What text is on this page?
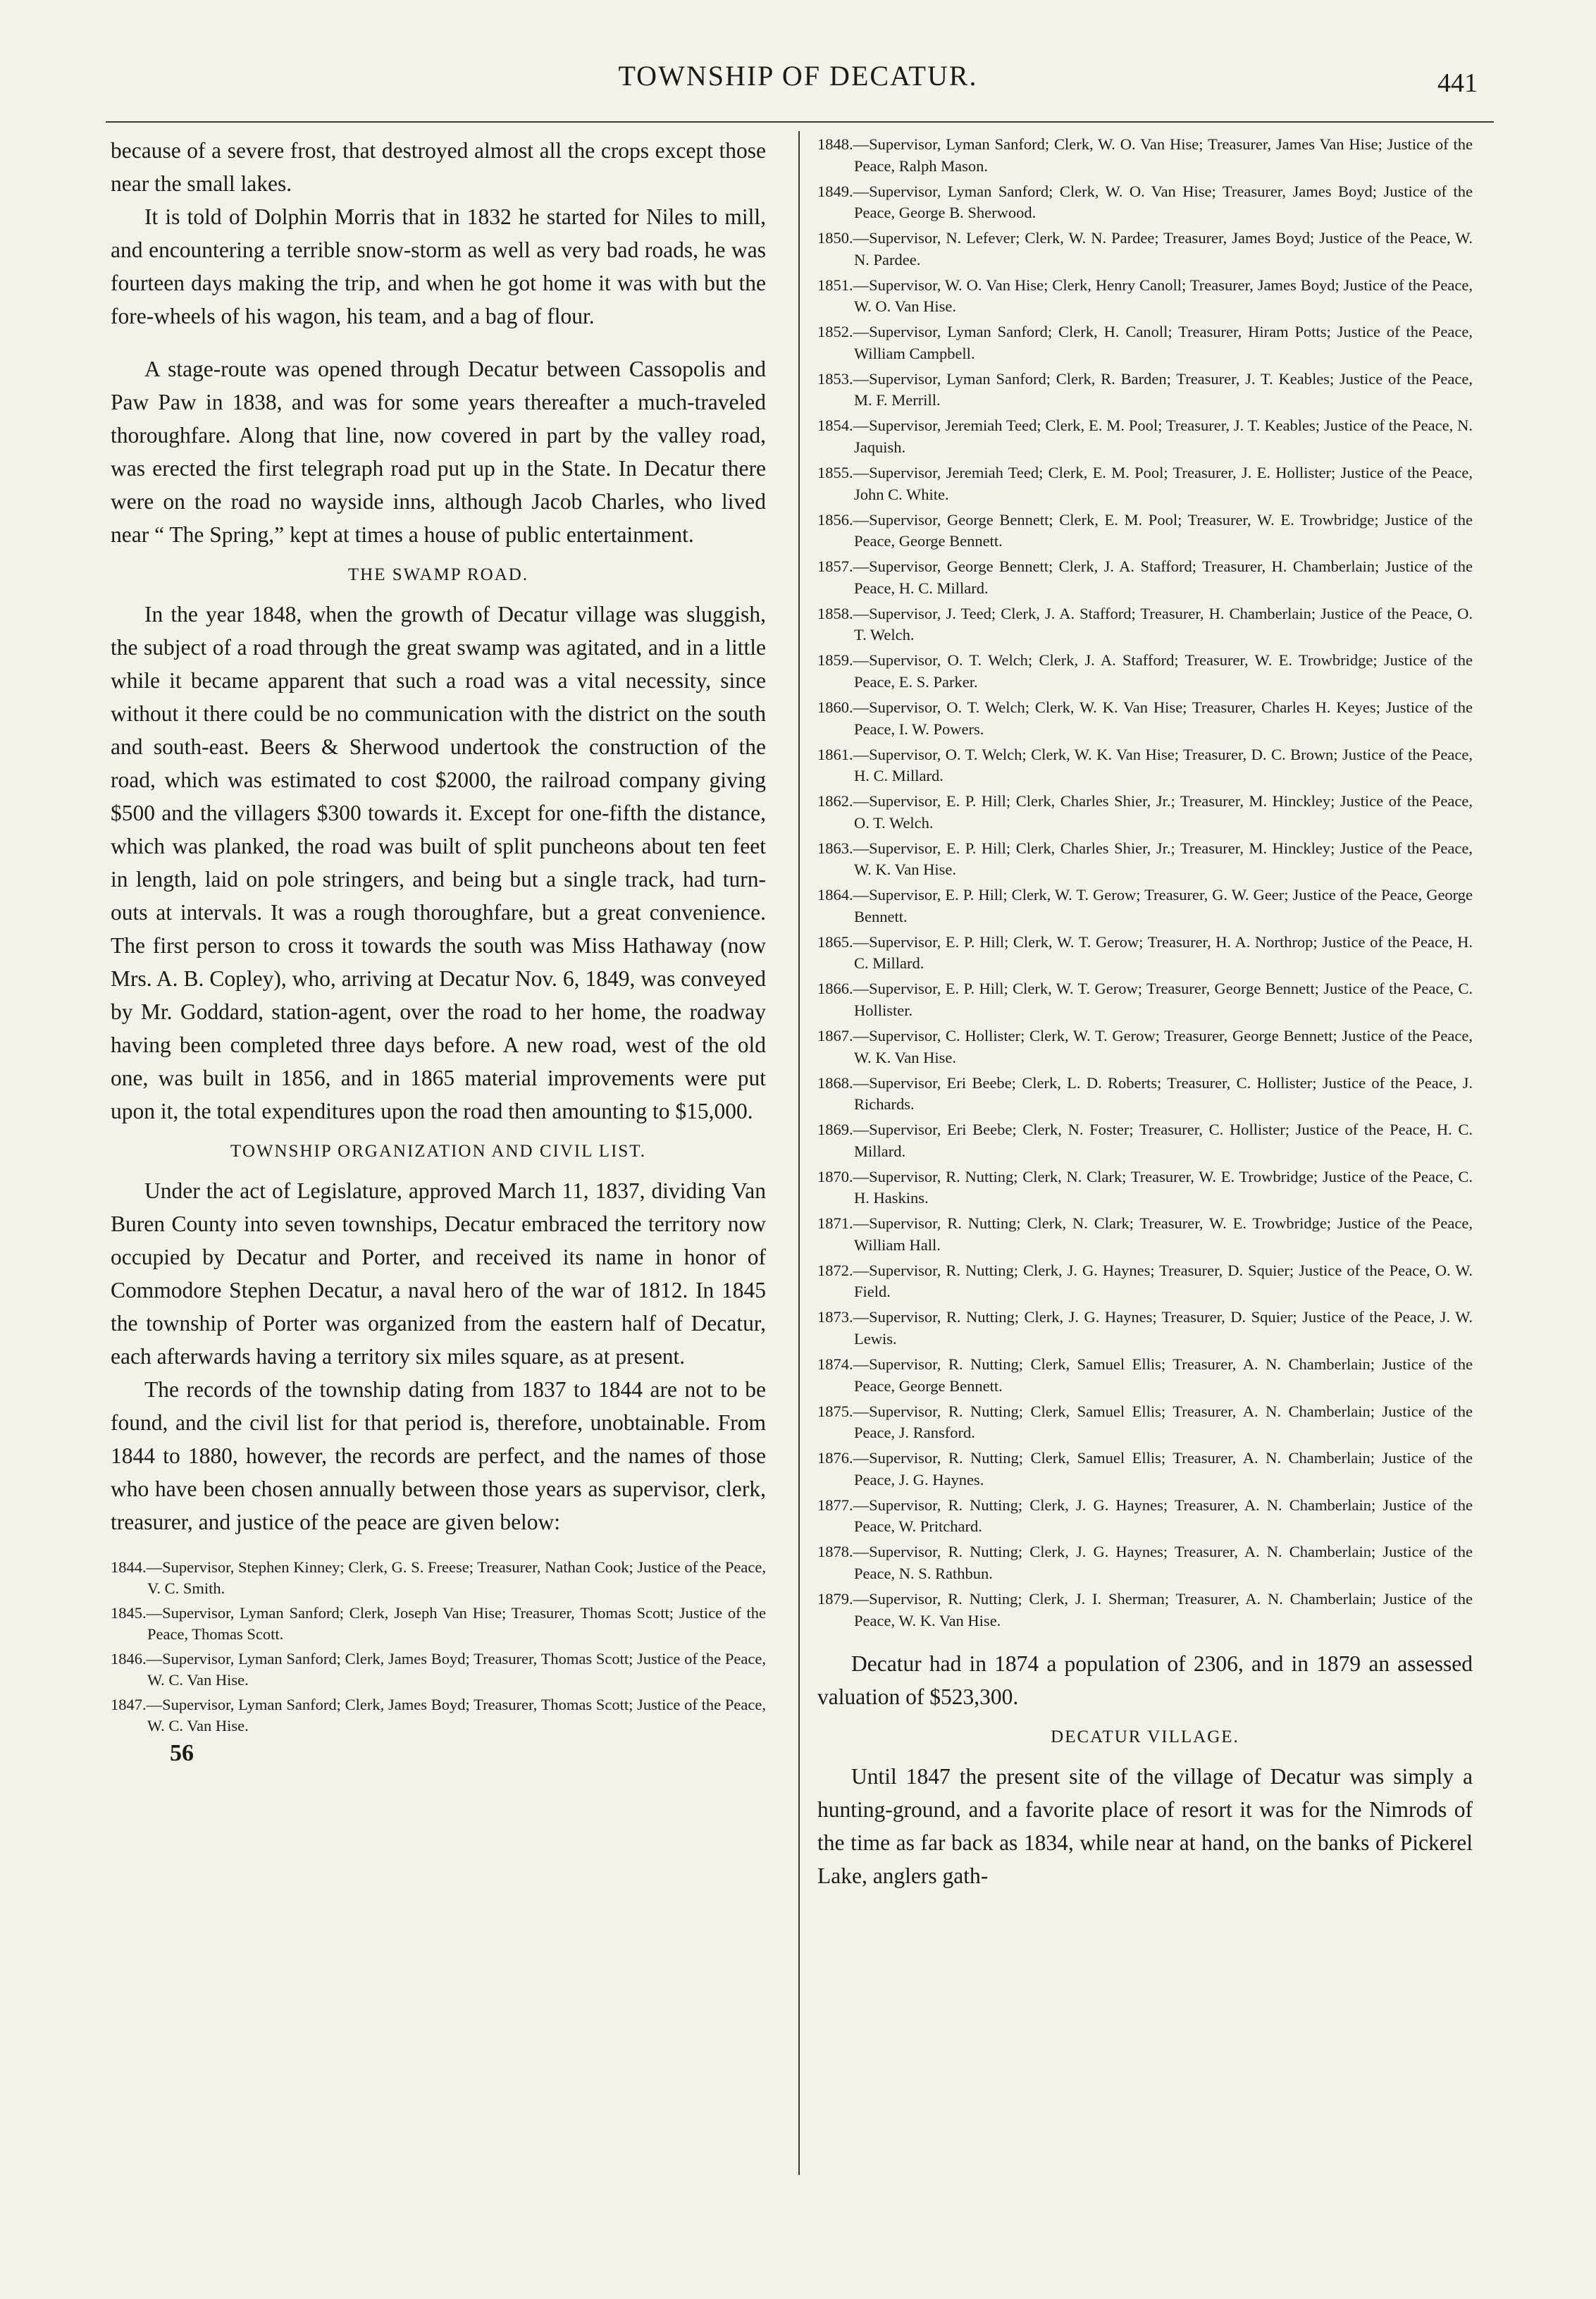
TOWNSHIP OF DECATUR.	441

because of a severe frost, that destroyed almost all the crops except those near the small lakes.

It is told of Dolphin Morris that in 1832 he started for Niles to mill, and encountering a terrible snow-storm as well as very bad roads, he was fourteen days making the trip, and when he got home it was with but the fore-wheels of his wagon, his team, and a bag of flour.

A stage-route was opened through Decatur between Cassopolis and Paw Paw in 1838, and was for some years thereafter a much-traveled thoroughfare. Along that line, now covered in part by the valley road, was erected the first telegraph road put up in the State. In Decatur there were on the road no wayside inns, although Jacob Charles, who lived near “ The Spring,” kept at times a house of public entertainment.

THE SWAMP ROAD.

In the year 1848, when the growth of Decatur village was sluggish, the subject of a road through the great swamp was agitated, and in a little while it became apparent that such a road was a vital necessity, since without it there could be no communication with the district on the south and south-east. Beers & Sherwood undertook the construction of the road, which was estimated to cost $2000, the railroad company giving $500 and the villagers $300 towards it. Except for one-fifth the distance, which was planked, the road was built of split puncheons about ten feet in length, laid on pole stringers, and being but a single track, had turn-outs at intervals. It was a rough thoroughfare, but a great convenience. The first person to cross it towards the south was Miss Hathaway (now Mrs. A. B. Copley), who, arriving at Decatur Nov. 6, 1849, was conveyed by Mr. Goddard, station-agent, over the road to her home, the roadway having been completed three days before. A new road, west of the old one, was built in 1856, and in 1865 material improvements were put upon it, the total expenditures upon the road then amounting to $15,000.

TOWNSHIP ORGANIZATION AND CIVIL LIST.

Under the act of Legislature, approved March 11, 1837, dividing Van Buren County into seven townships, Decatur embraced the territory now occupied by Decatur and Porter, and received its name in honor of Commodore Stephen Decatur, a naval hero of the war of 1812. In 1845 the township of Porter was organized from the eastern half of Decatur, each afterwards having a territory six miles square, as at present.

The records of the township dating from 1837 to 1844 are not to be found, and the civil list for that period is, therefore, unobtainable. From 1844 to 1880, however, the records are perfect, and the names of those who have been chosen annually between those years as supervisor, clerk, treasurer, and justice of the peace are given below:

1844.—Supervisor, Stephen Kinney; Clerk, G. S. Freese; Treasurer, Nathan Cook; Justice of the Peace, V. C. Smith.

1845.—Supervisor, Lyman Sanford; Clerk, Joseph Van Hise; Treasurer, Thomas Scott; Justice of the Peace, Thomas Scott.

1846.—Supervisor, Lyman Sanford; Clerk, James Boyd; Treasurer, Thomas Scott; Justice of the Peace, W. C. Van Hise.

1847.—Supervisor, Lyman Sanford; Clerk, James Boyd; Treasurer, Thomas Scott; Justice of the Peace, W. C. Van Hise.

56

1848.—Supervisor, Lyman Sanford; Clerk, W. O. Van Hise; Treasurer, James Van Hise; Justice of the Peace, Ralph Mason.

1849.—Supervisor, Lyman Sanford; Clerk, W. O. Van Hise; Treasurer, James Boyd; Justice of the Peace, George B. Sherwood.

1850.—Supervisor, N. Lefever; Clerk, W. N. Pardee; Treasurer, James Boyd; Justice of the Peace, W. N. Pardee.

1851.—Supervisor, W. O. Van Hise; Clerk, Henry Canoll; Treasurer, James Boyd; Justice of the Peace, W. O. Van Hise.

1852.—Supervisor, Lyman Sanford; Clerk, H. Canoll; Treasurer, Hiram Potts; Justice of the Peace, William Campbell.

1853.—Supervisor, Lyman Sanford; Clerk, R. Barden; Treasurer, J. T. Keables; Justice of the Peace, M. F. Merrill.

1854.—Supervisor, Jeremiah Teed; Clerk, E. M. Pool; Treasurer, J. T. Keables; Justice of the Peace, N. Jaquish.

1855.—Supervisor, Jeremiah Teed; Clerk, E. M. Pool; Treasurer, J. E. Hollister; Justice of the Peace, John C. White.

1856.—Supervisor, George Bennett; Clerk, E. M. Pool; Treasurer, W. E. Trowbridge; Justice of the Peace, George Bennett.

1857.—Supervisor, George Bennett; Clerk, J. A. Stafford; Treasurer, H. Chamberlain; Justice of the Peace, H. C. Millard.

1858.—Supervisor, J. Teed; Clerk, J. A. Stafford; Treasurer, H. Chamberlain; Justice of the Peace, O. T. Welch.

1859.—Supervisor, O. T. Welch; Clerk, J. A. Stafford; Treasurer, W. E. Trowbridge; Justice of the Peace, E. S. Parker.

1860.—Supervisor, O. T. Welch; Clerk, W. K. Van Hise; Treasurer, Charles H. Keyes; Justice of the Peace, I. W. Powers.

1861.—Supervisor, O. T. Welch; Clerk, W. K. Van Hise; Treasurer, D. C. Brown; Justice of the Peace, H. C. Millard.

1862.—Supervisor, E. P. Hill; Clerk, Charles Shier, Jr.; Treasurer, M. Hinckley; Justice of the Peace, O. T. Welch.

1863.—Supervisor, E. P. Hill; Clerk, Charles Shier, Jr.; Treasurer, M. Hinckley; Justice of the Peace, W. K. Van Hise.

1864.—Supervisor, E. P. Hill; Clerk, W. T. Gerow; Treasurer, G. W. Geer; Justice of the Peace, George Bennett.

1865.—Supervisor, E. P. Hill; Clerk, W. T. Gerow; Treasurer, H. A. Northrop; Justice of the Peace, H. C. Millard.

1866.—Supervisor, E. P. Hill; Clerk, W. T. Gerow; Treasurer, George Bennett; Justice of the Peace, C. Hollister.

1867.—Supervisor, C. Hollister; Clerk, W. T. Gerow; Treasurer, George Bennett; Justice of the Peace, W. K. Van Hise.

1868.—Supervisor, Eri Beebe; Clerk, L. D. Roberts; Treasurer, C. Hollister; Justice of the Peace, J. Richards.

1869.—Supervisor, Eri Beebe; Clerk, N. Foster; Treasurer, C. Hollister; Justice of the Peace, H. C. Millard.

1870.—Supervisor, R. Nutting; Clerk, N. Clark; Treasurer, W. E. Trowbridge; Justice of the Peace, C. H. Haskins.

1871.—Supervisor, R. Nutting; Clerk, N. Clark; Treasurer, W. E. Trowbridge; Justice of the Peace, William Hall.

1872.—Supervisor, R. Nutting; Clerk, J. G. Haynes; Treasurer, D. Squier; Justice of the Peace, O. W. Field.

1873.—Supervisor, R. Nutting; Clerk, J. G. Haynes; Treasurer, D. Squier; Justice of the Peace, J. W. Lewis.

1874.—Supervisor, R. Nutting; Clerk, Samuel Ellis; Treasurer, A. N. Chamberlain; Justice of the Peace, George Bennett.

1875.—Supervisor, R. Nutting; Clerk, Samuel Ellis; Treasurer, A. N. Chamberlain; Justice of the Peace, J. Ransford.

1876.—Supervisor, R. Nutting; Clerk, Samuel Ellis; Treasurer, A. N. Chamberlain; Justice of the Peace, J. G. Haynes.

1877.—Supervisor, R. Nutting; Clerk, J. G. Haynes; Treasurer, A. N. Chamberlain; Justice of the Peace, W. Pritchard.

1878.—Supervisor, R. Nutting; Clerk, J. G. Haynes; Treasurer, A. N. Chamberlain; Justice of the Peace, N. S. Rathbun.

1879.—Supervisor, R. Nutting; Clerk, J. I. Sherman; Treasurer, A. N. Chamberlain; Justice of the Peace, W. K. Van Hise.

Decatur had in 1874 a population of 2306, and in 1879 an assessed valuation of $523,300.

DECATUR VILLAGE.

Until 1847 the present site of the village of Decatur was simply a hunting-ground, and a favorite place of resort it was for the Nimrods of the time as far back as 1834, while near at hand, on the banks of Pickerel Lake, anglers gath-
